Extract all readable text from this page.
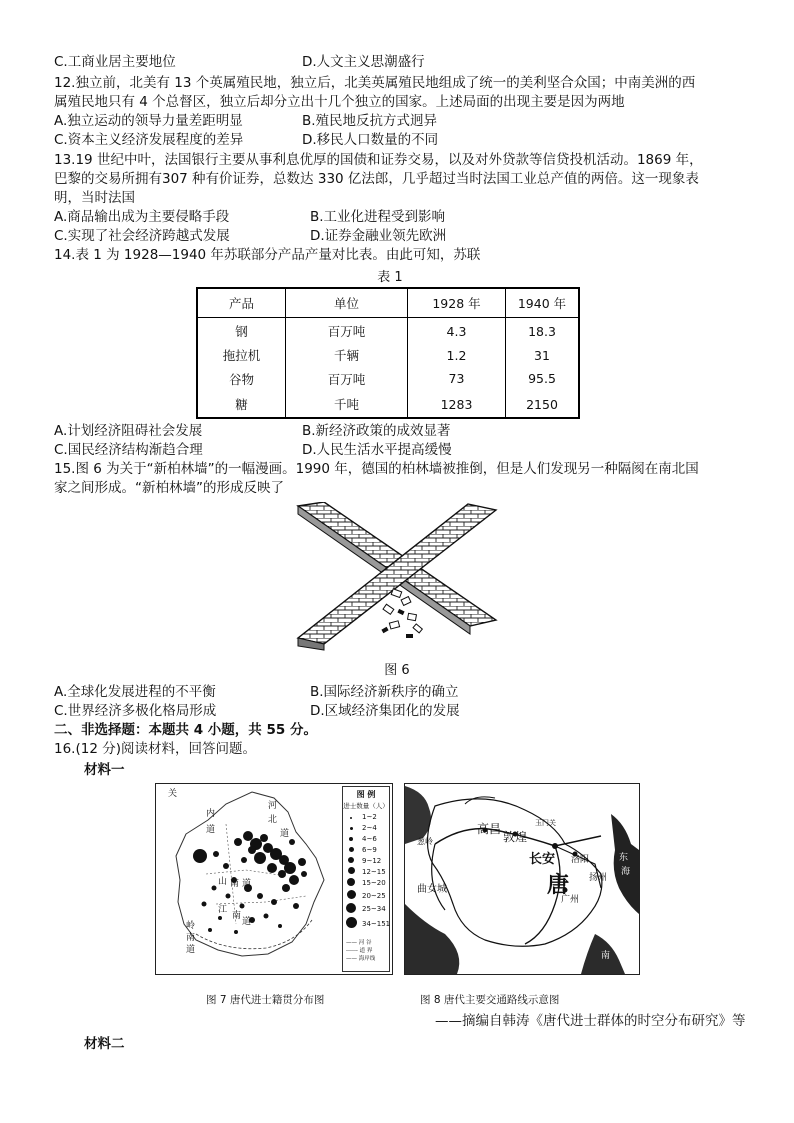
C.工商业居主要地位	D.人文主义思潮盛行
12.独立前，北美有 13 个英属殖民地，独立后，北美英属殖民地组成了统一的美利坚合众国；中南美洲的西
属殖民地只有 4 个总督区，独立后却分立出十几个独立的国家。上述局面的出现主要是因为两地
A.独立运动的领导力量差距明显	B.殖民地反抗方式迥异
C.资本主义经济发展程度的差异	D.移民人口数量的不同
13.19 世纪中叶，法国银行主要从事利息优厚的国债和证券交易，以及对外贷款等信贷投机活动。1869 年，
巴黎的交易所拥有307 种有价证券，总数达 330 亿法郎，几乎超过当时法国工业总产值的两倍。这一现象表
明，当时法国
A.商品输出成为主要侵略手段	B.工业化进程受到影响
C.实现了社会经济跨越式发展	D.证券金融业领先欧洲
14.表 1 为 1928—1940 年苏联部分产品产量对比表。由此可知，苏联
表 1
产品	单位	1928 年	1940 年
钢	百万吨	4.3	18.3
拖拉机	千辆	1.2	31
谷物	百万吨	73	95.5
糖	千吨	1283	2150
A.计划经济阻碍社会发展	B.新经济政策的成效显著
C.国民经济结构渐趋合理	D.人民生活水平提高缓慢
15.图 6 为关于“新柏林墙”的一幅漫画。1990 年，德国的柏林墙被推倒，但是人们发现另一种隔阂在南北国
家之间形成。“新柏林墙”的形成反映了
图 6
A.全球化发展进程的不平衡	B.国际经济新秩序的确立
C.世界经济多极化格局形成	D.区域经济集团化的发展
二、非选择题：本题共 4 小题，共 55 分。
16.(12 分)阅读材料，回答问题。
材料一
关
内
道
河
北
道
山 南 道
江
南
道
岭
南
道
图 例
进士数量（人）
1~2
2~4
4~6
6~9
9~12
12~15
15~20
20~25
25~34
34~151
—— 河 谷
------ 道 界
—— 海岸线
高昌
敦煌
玉门关
葱岭
长安
唐
洛阳
扬州
广州
曲女城
东
海
南
图 7 唐代进士籍贯分布图	图 8 唐代主要交通路线示意图
——摘编自韩涛《唐代进士群体的时空分布研究》等
材料二
